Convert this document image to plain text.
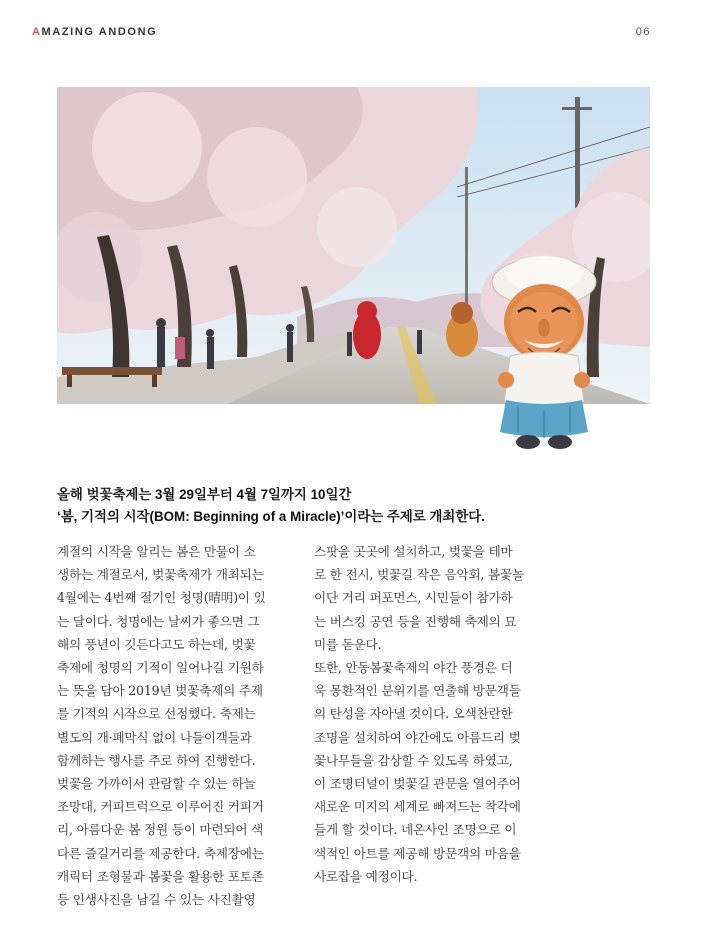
AMAZING ANDONG	06
올해 벚꽃축제는 3월 29일부터 4월 7일까지 10일간
‘봄, 기적의 시작(BOM: Beginning of a Miracle)’이라는 주제로 개최한다.
계절의 시작을 알리는 봄은 만물이 소
생하는 계절로서, 벚꽃축제가 개최되는
4월에는 4번째 절기인 청명(晴明)이 있
는 달이다. 청명에는 날씨가 좋으면 그
해의 풍년이 깃든다고도 하는데, 벚꽃
축제에 청명의 기적이 일어나길 기원하
는 뜻을 담아 2019년 벚꽃축제의 주제
를 기적의 시작으로 선정했다. 축제는
별도의 개·폐막식 없이 나들이객들과
함께하는 행사를 주로 하여 진행한다.
벚꽃을 가까이서 관람할 수 있는 하늘
조망대, 커피트럭으로 이루어진 커피거
리, 아름다운 봄 정원 등이 마련되어 색
다른 즐길거리를 제공한다. 축제장에는
캐릭터 조형물과 봄꽃을 활용한 포토존
등 인생사진을 남길 수 있는 사진촬영
스팟을 곳곳에 설치하고, 벚꽃을 테마
로 한 전시, 벚꽃길 작은 음악회, 봄꽃놀
이단 거리 퍼포먼스, 시민들이 참가하
는 버스킹 공연 등을 진행해 축제의 묘
미를 돋운다.
또한, 안동봄꽃축제의 야간 풍경은 더
욱 몽환적인 분위기를 연출해 방문객들
의 탄성을 자아낼 것이다. 오색찬란한
조명을 설치하여 야간에도 아름드리 벚
꽃나무들을 감상할 수 있도록 하였고,
이 조명터널이 벚꽃길 관문을 열어주어
새로운 미지의 세계로 빠져드는 착각에
들게 할 것이다. 네온사인 조명으로 이
색적인 아트를 제공해 방문객의 마음을
사로잡을 예정이다.
